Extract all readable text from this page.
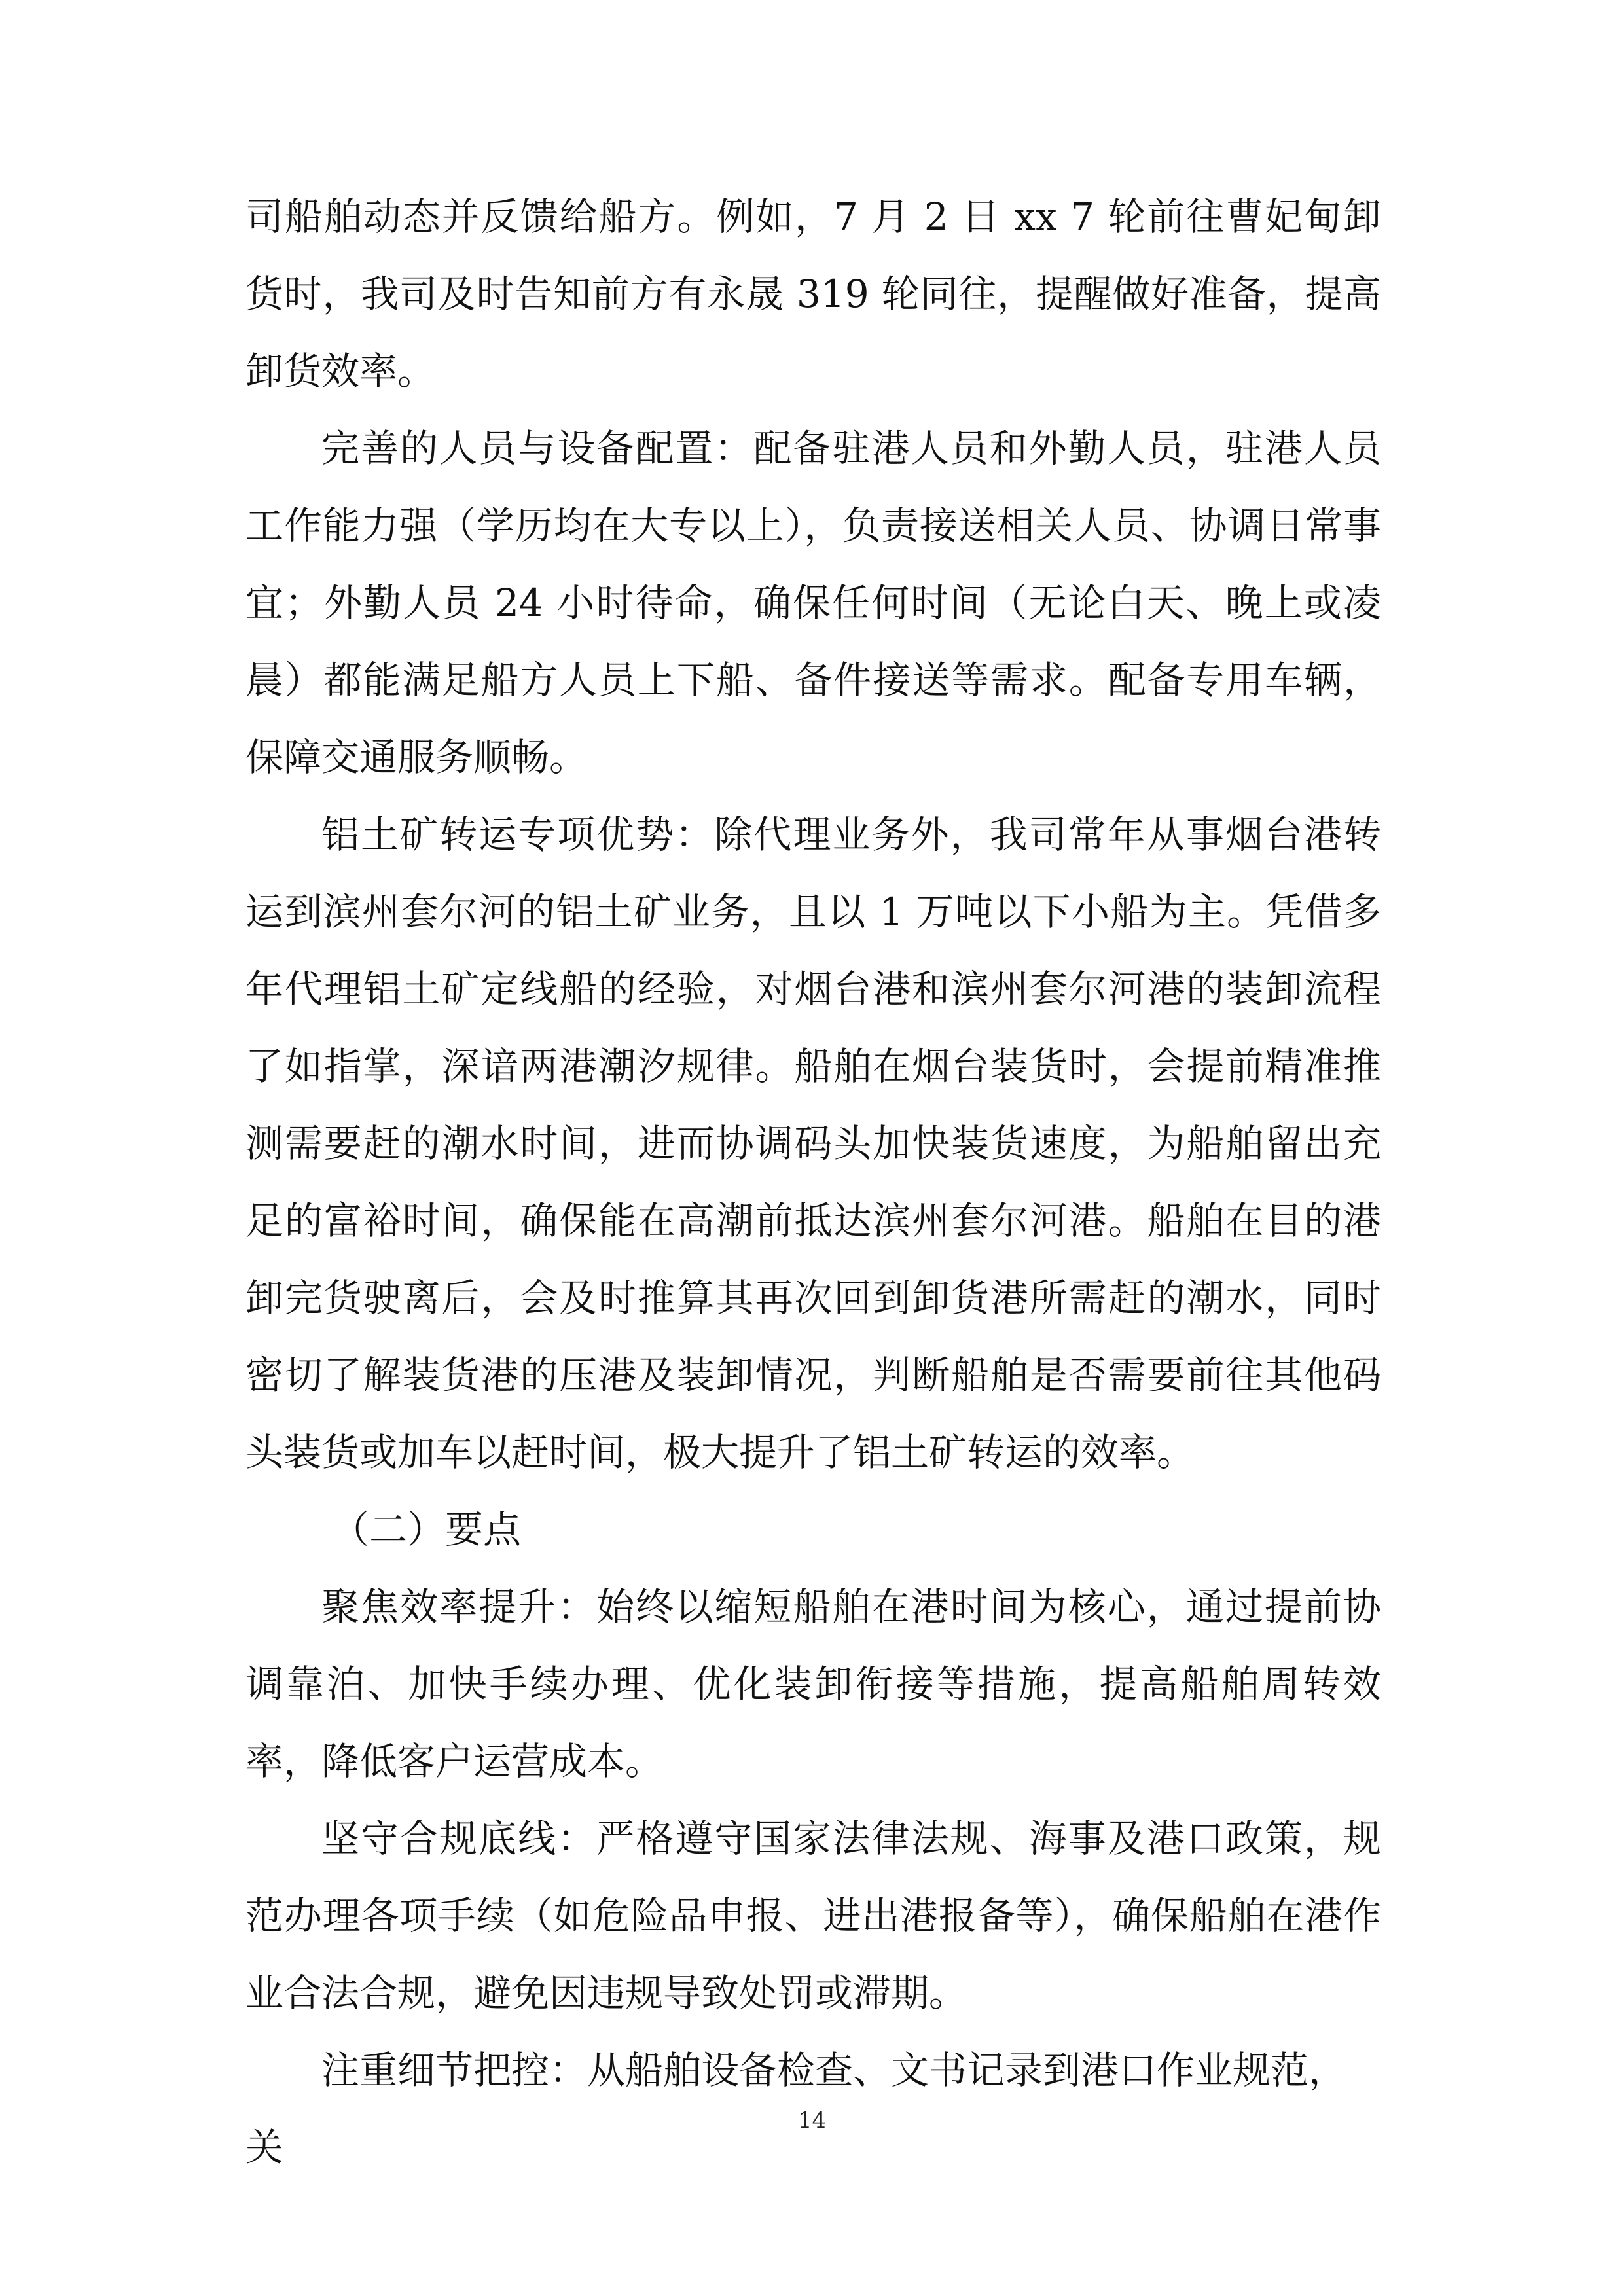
司船舶动态并反馈给船方。例如，7 月 2 日 xx 7 轮前往曹妃甸卸货时，我司及时告知前方有永晟 319 轮同往，提醒做好准备，提高卸货效率。

完善的人员与设备配置：配备驻港人员和外勤人员，驻港人员工作能力强（学历均在大专以上），负责接送相关人员、协调日常事宜；外勤人员 24 小时待命，确保任何时间（无论白天、晚上或凌晨）都能满足船方人员上下船、备件接送等需求。配备专用车辆，保障交通服务顺畅。

铝土矿转运专项优势：除代理业务外，我司常年从事烟台港转运到滨州套尔河的铝土矿业务，且以 1 万吨以下小船为主。凭借多年代理铝土矿定线船的经验，对烟台港和滨州套尔河港的装卸流程了如指掌，深谙两港潮汐规律。船舶在烟台装货时，会提前精准推测需要赶的潮水时间，进而协调码头加快装货速度，为船舶留出充足的富裕时间，确保能在高潮前抵达滨州套尔河港。船舶在目的港卸完货驶离后，会及时推算其再次回到卸货港所需赶的潮水，同时密切了解装货港的压港及装卸情况，判断船舶是否需要前往其他码头装货或加车以赶时间，极大提升了铝土矿转运的效率。

（二）要点

聚焦效率提升：始终以缩短船舶在港时间为核心，通过提前协调靠泊、加快手续办理、优化装卸衔接等措施，提高船舶周转效率，降低客户运营成本。

坚守合规底线：严格遵守国家法律法规、海事及港口政策，规范办理各项手续（如危险品申报、进出港报备等），确保船舶在港作业合法合规，避免因违规导致处罚或滞期。

注重细节把控：从船舶设备检查、文书记录到港口作业规范，关

14
